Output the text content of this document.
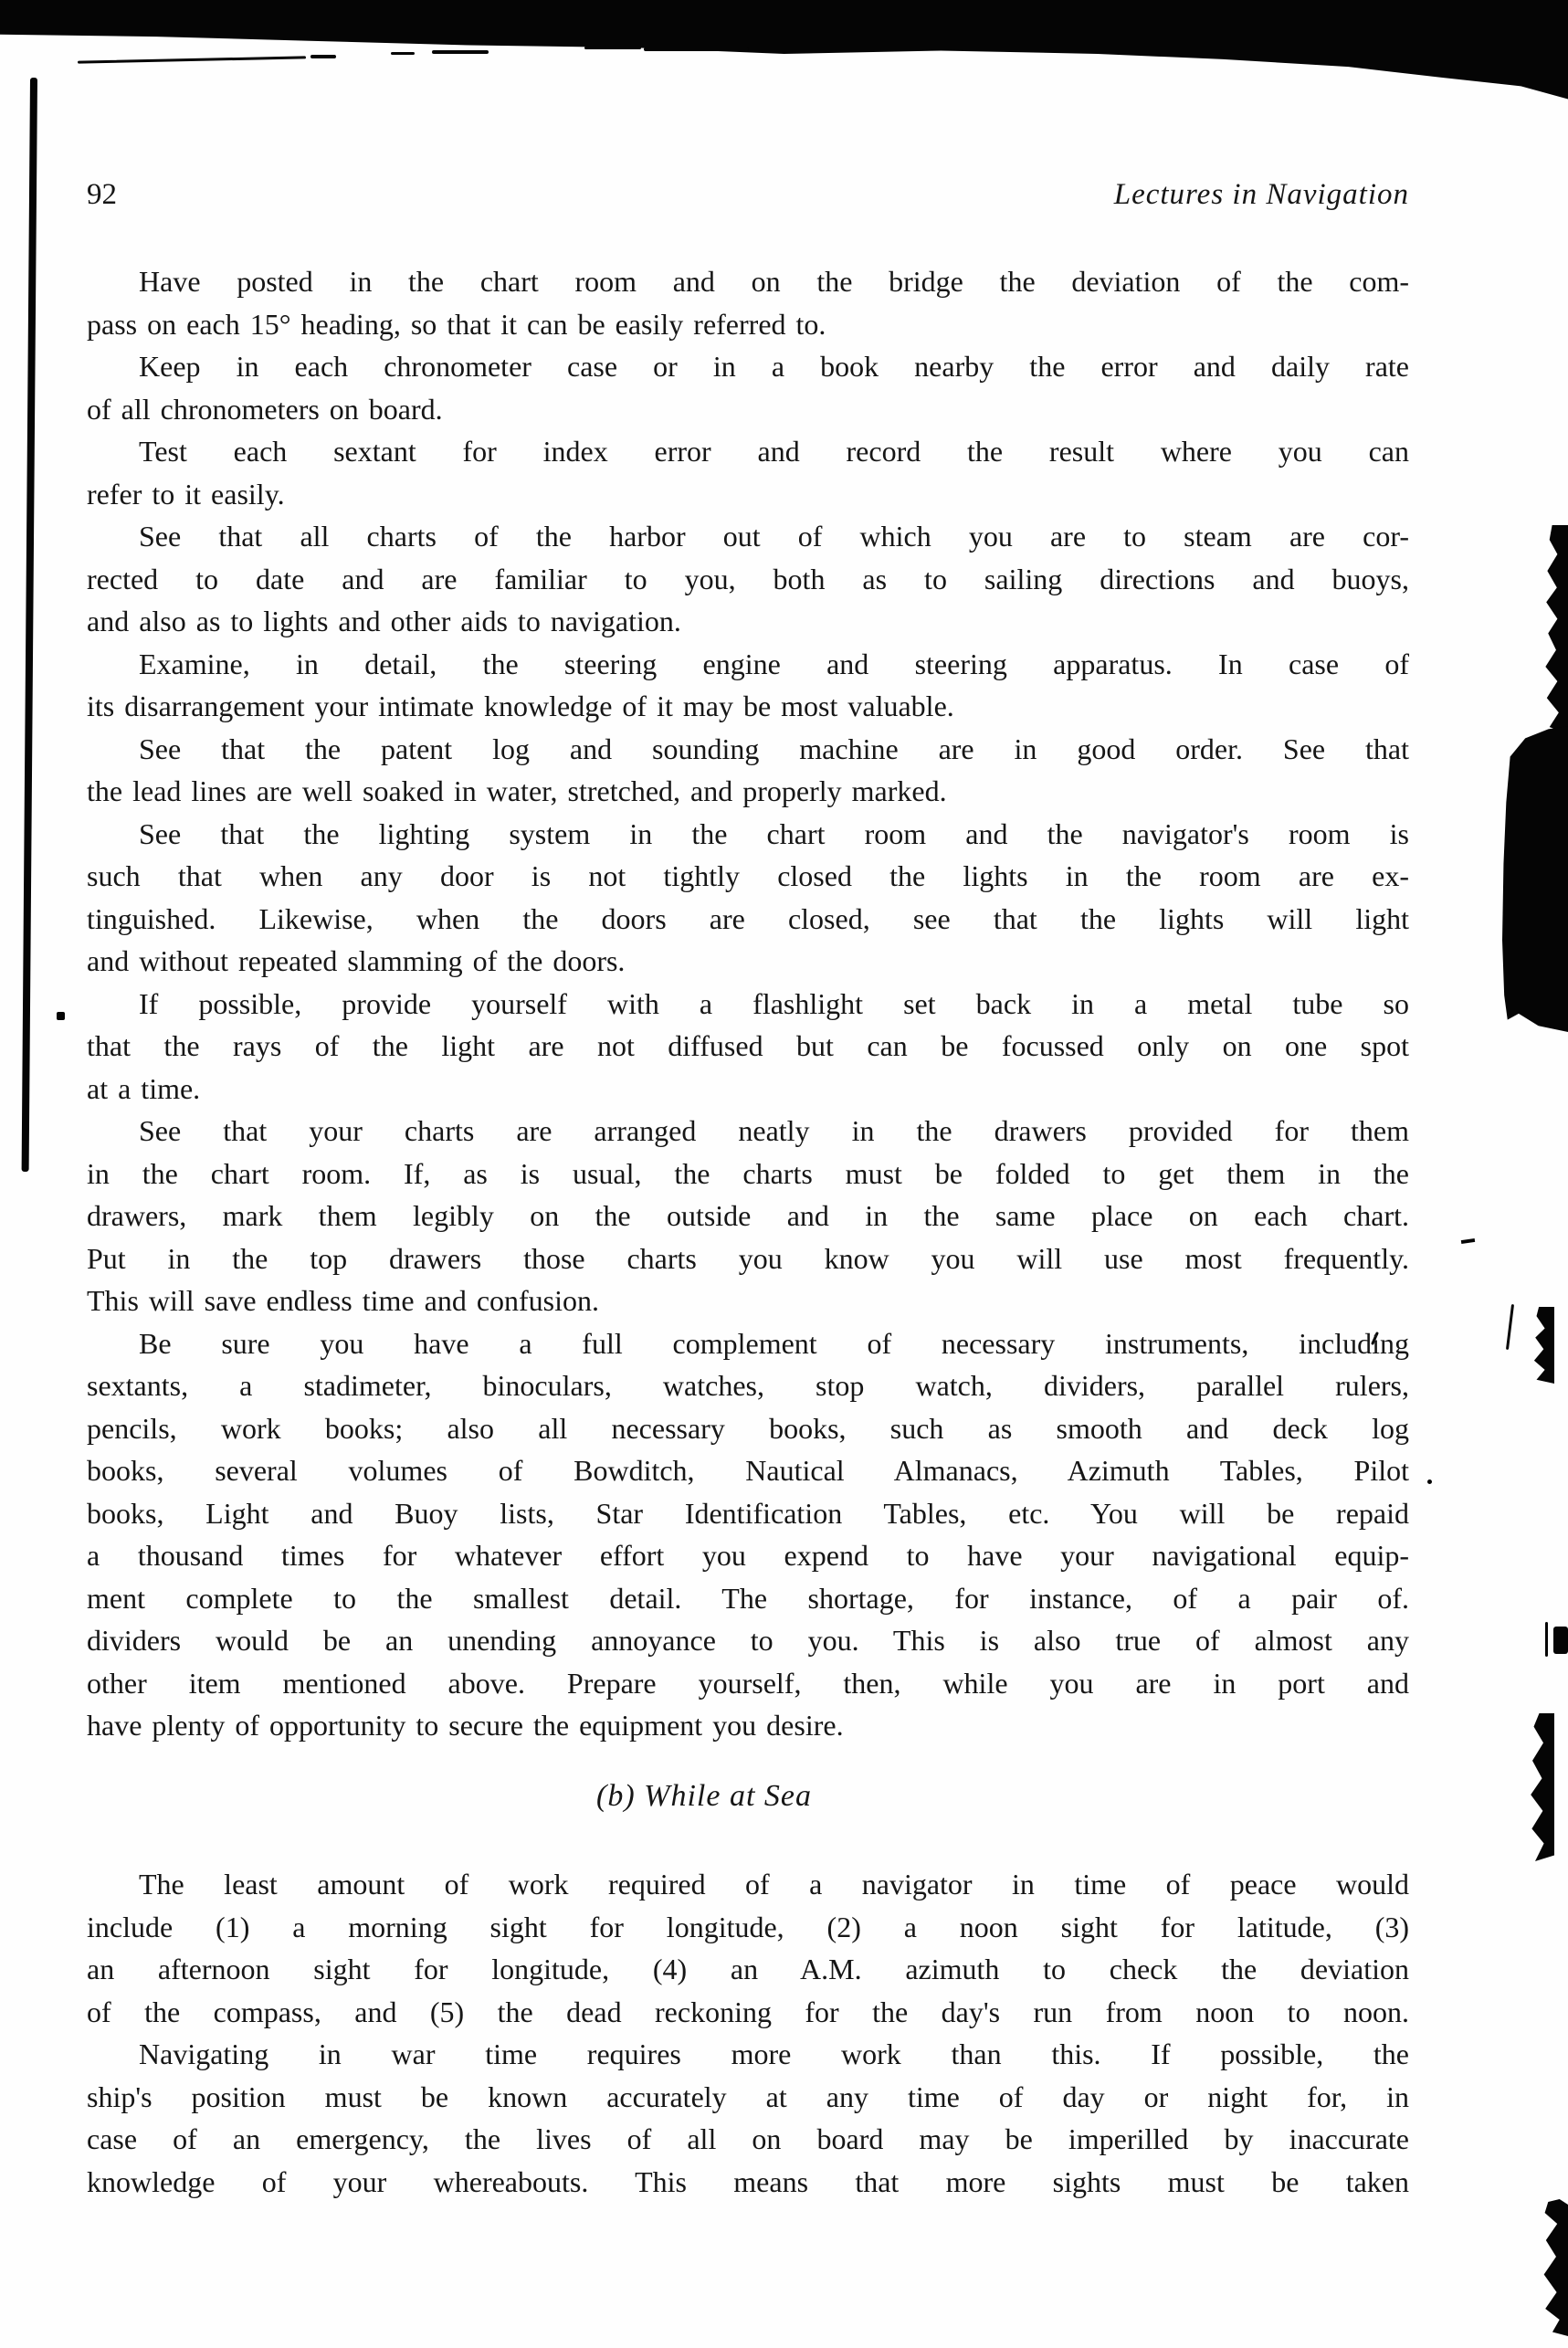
92	Lectures in Navigation
Have posted in the chart room and on the bridge the deviation of the com-
pass on each 15° heading, so that it can be easily referred to.
Keep in each chronometer case or in a book nearby the error and daily rate
of all chronometers on board.
Test each sextant for index error and record the result where you can
refer to it easily.
See that all charts of the harbor out of which you are to steam are cor-
rected to date and are familiar to you, both as to sailing directions and buoys,
and also as to lights and other aids to navigation.
Examine, in detail, the steering engine and steering apparatus. In case of
its disarrangement your intimate knowledge of it may be most valuable.
See that the patent log and sounding machine are in good order. See that
the lead lines are well soaked in water, stretched, and properly marked.
See that the lighting system in the chart room and the navigator's room is
such that when any door is not tightly closed the lights in the room are ex-
tinguished. Likewise, when the doors are closed, see that the lights will light
and without repeated slamming of the doors.
If possible, provide yourself with a flashlight set back in a metal tube so
that the rays of the light are not diffused but can be focussed only on one spot
at a time.
See that your charts are arranged neatly in the drawers provided for them
in the chart room. If, as is usual, the charts must be folded to get them in the
drawers, mark them legibly on the outside and in the same place on each chart.
Put in the top drawers those charts you know you will use most frequently.
This will save endless time and confusion.
Be sure you have a full complement of necessary instruments, including
sextants, a stadimeter, binoculars, watches, stop watch, dividers, parallel rulers,
pencils, work books; also all necessary books, such as smooth and deck log
books, several volumes of Bowditch, Nautical Almanacs, Azimuth Tables, Pilot
books, Light and Buoy lists, Star Identification Tables, etc. You will be repaid
a thousand times for whatever effort you expend to have your navigational equip-
ment complete to the smallest detail. The shortage, for instance, of a pair of.
dividers would be an unending annoyance to you. This is also true of almost any
other item mentioned above. Prepare yourself, then, while you are in port and
have plenty of opportunity to secure the equipment you desire.
(b) While at Sea
The least amount of work required of a navigator in time of peace would
include (1) a morning sight for longitude, (2) a noon sight for latitude, (3)
an afternoon sight for longitude, (4) an A.M. azimuth to check the deviation
of the compass, and (5) the dead reckoning for the day's run from noon to noon.
Navigating in war time requires more work than this. If possible, the
ship's position must be known accurately at any time of day or night for, in
case of an emergency, the lives of all on board may be imperilled by inaccurate
knowledge of your whereabouts. This means that more sights must be taken
